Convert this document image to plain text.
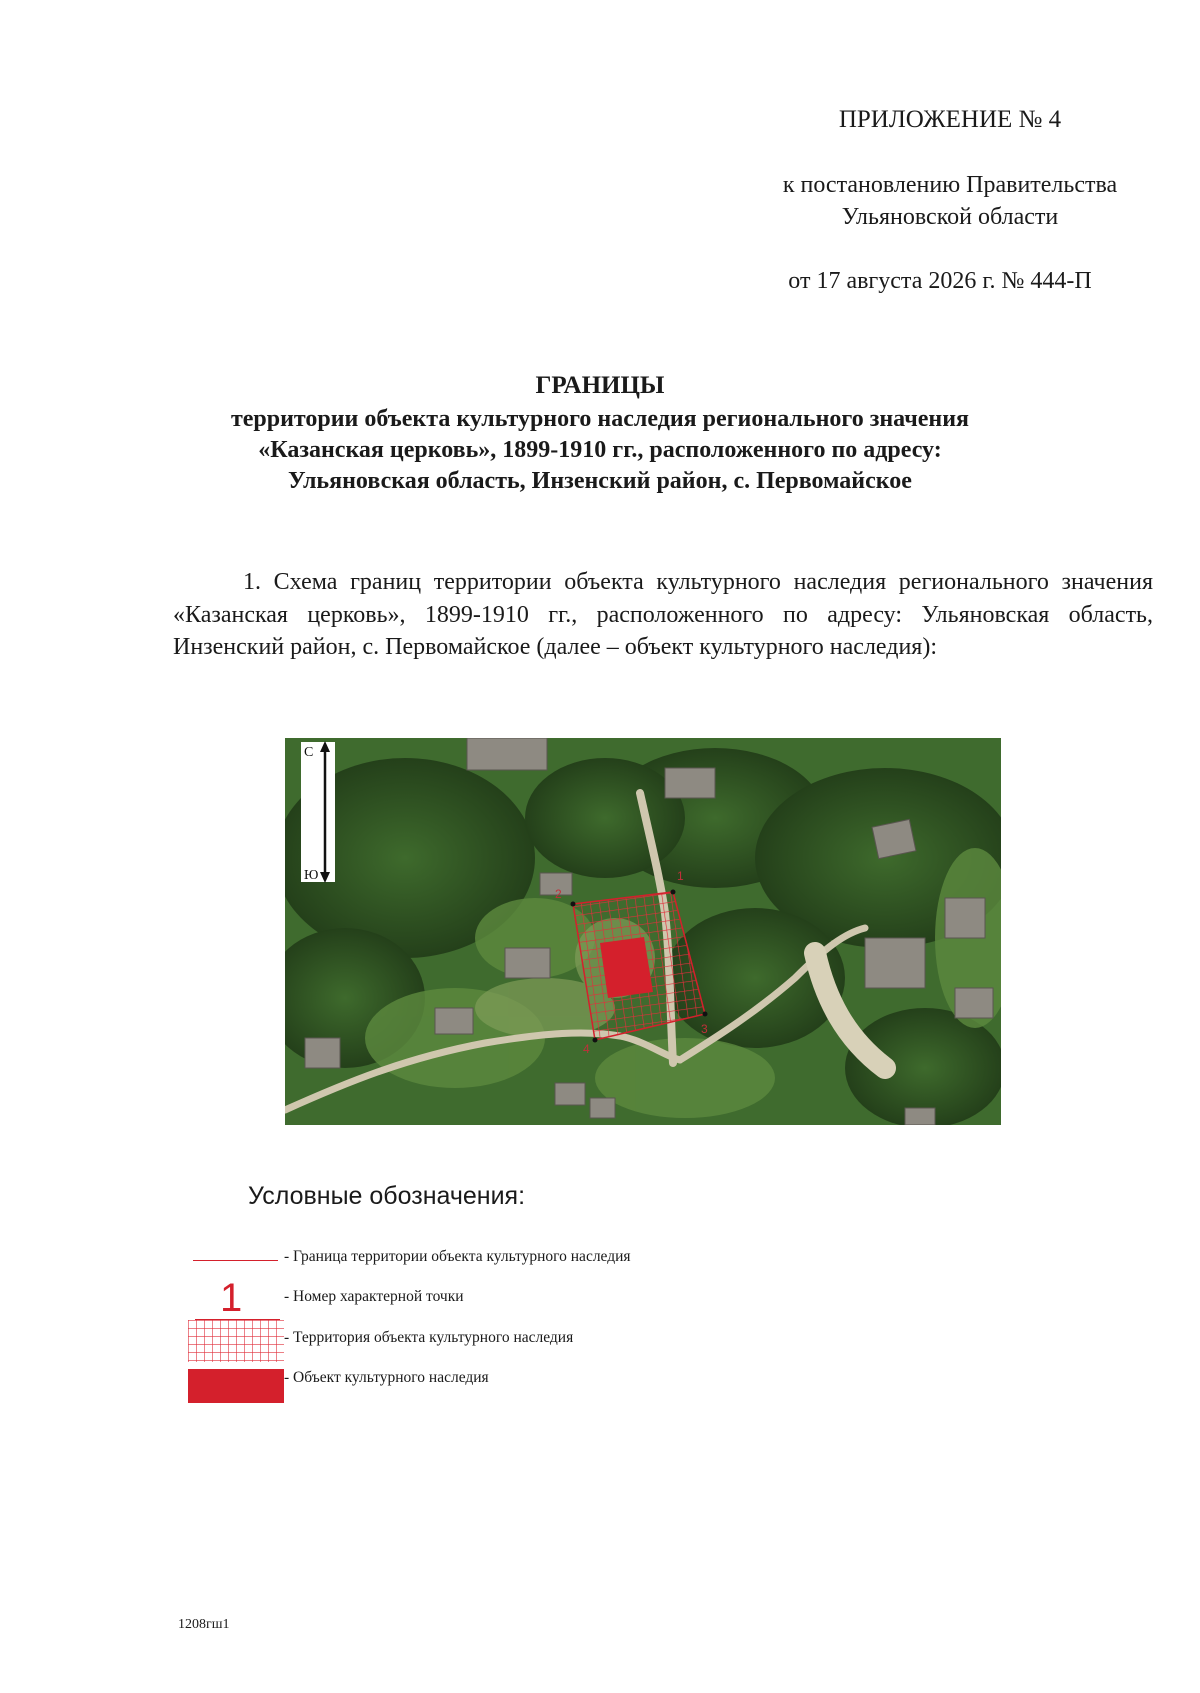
ПРИЛОЖЕНИЕ № 4
к постановлению Правительства
Ульяновской области
от 17 августа 2026 г. № 444-П
ГРАНИЦЫ
территории объекта культурного наследия регионального значения
«Казанская церковь», 1899-1910 гг., расположенного по адресу:
Ульяновская область, Инзенский район, с. Первомайское
1. Схема границ территории объекта культурного наследия регионального значения «Казанская церковь», 1899-1910 гг., расположенного по адресу: Ульяновская область, Инзенский район, с. Первомайское (далее – объект культурного наследия):
1
2
3
4
С
Ю
Условные обозначения:
- Граница территории объекта культурного наследия
1	- Номер характерной точки
- Территория объекта культурного наследия
- Объект культурного наследия
1208гш1
